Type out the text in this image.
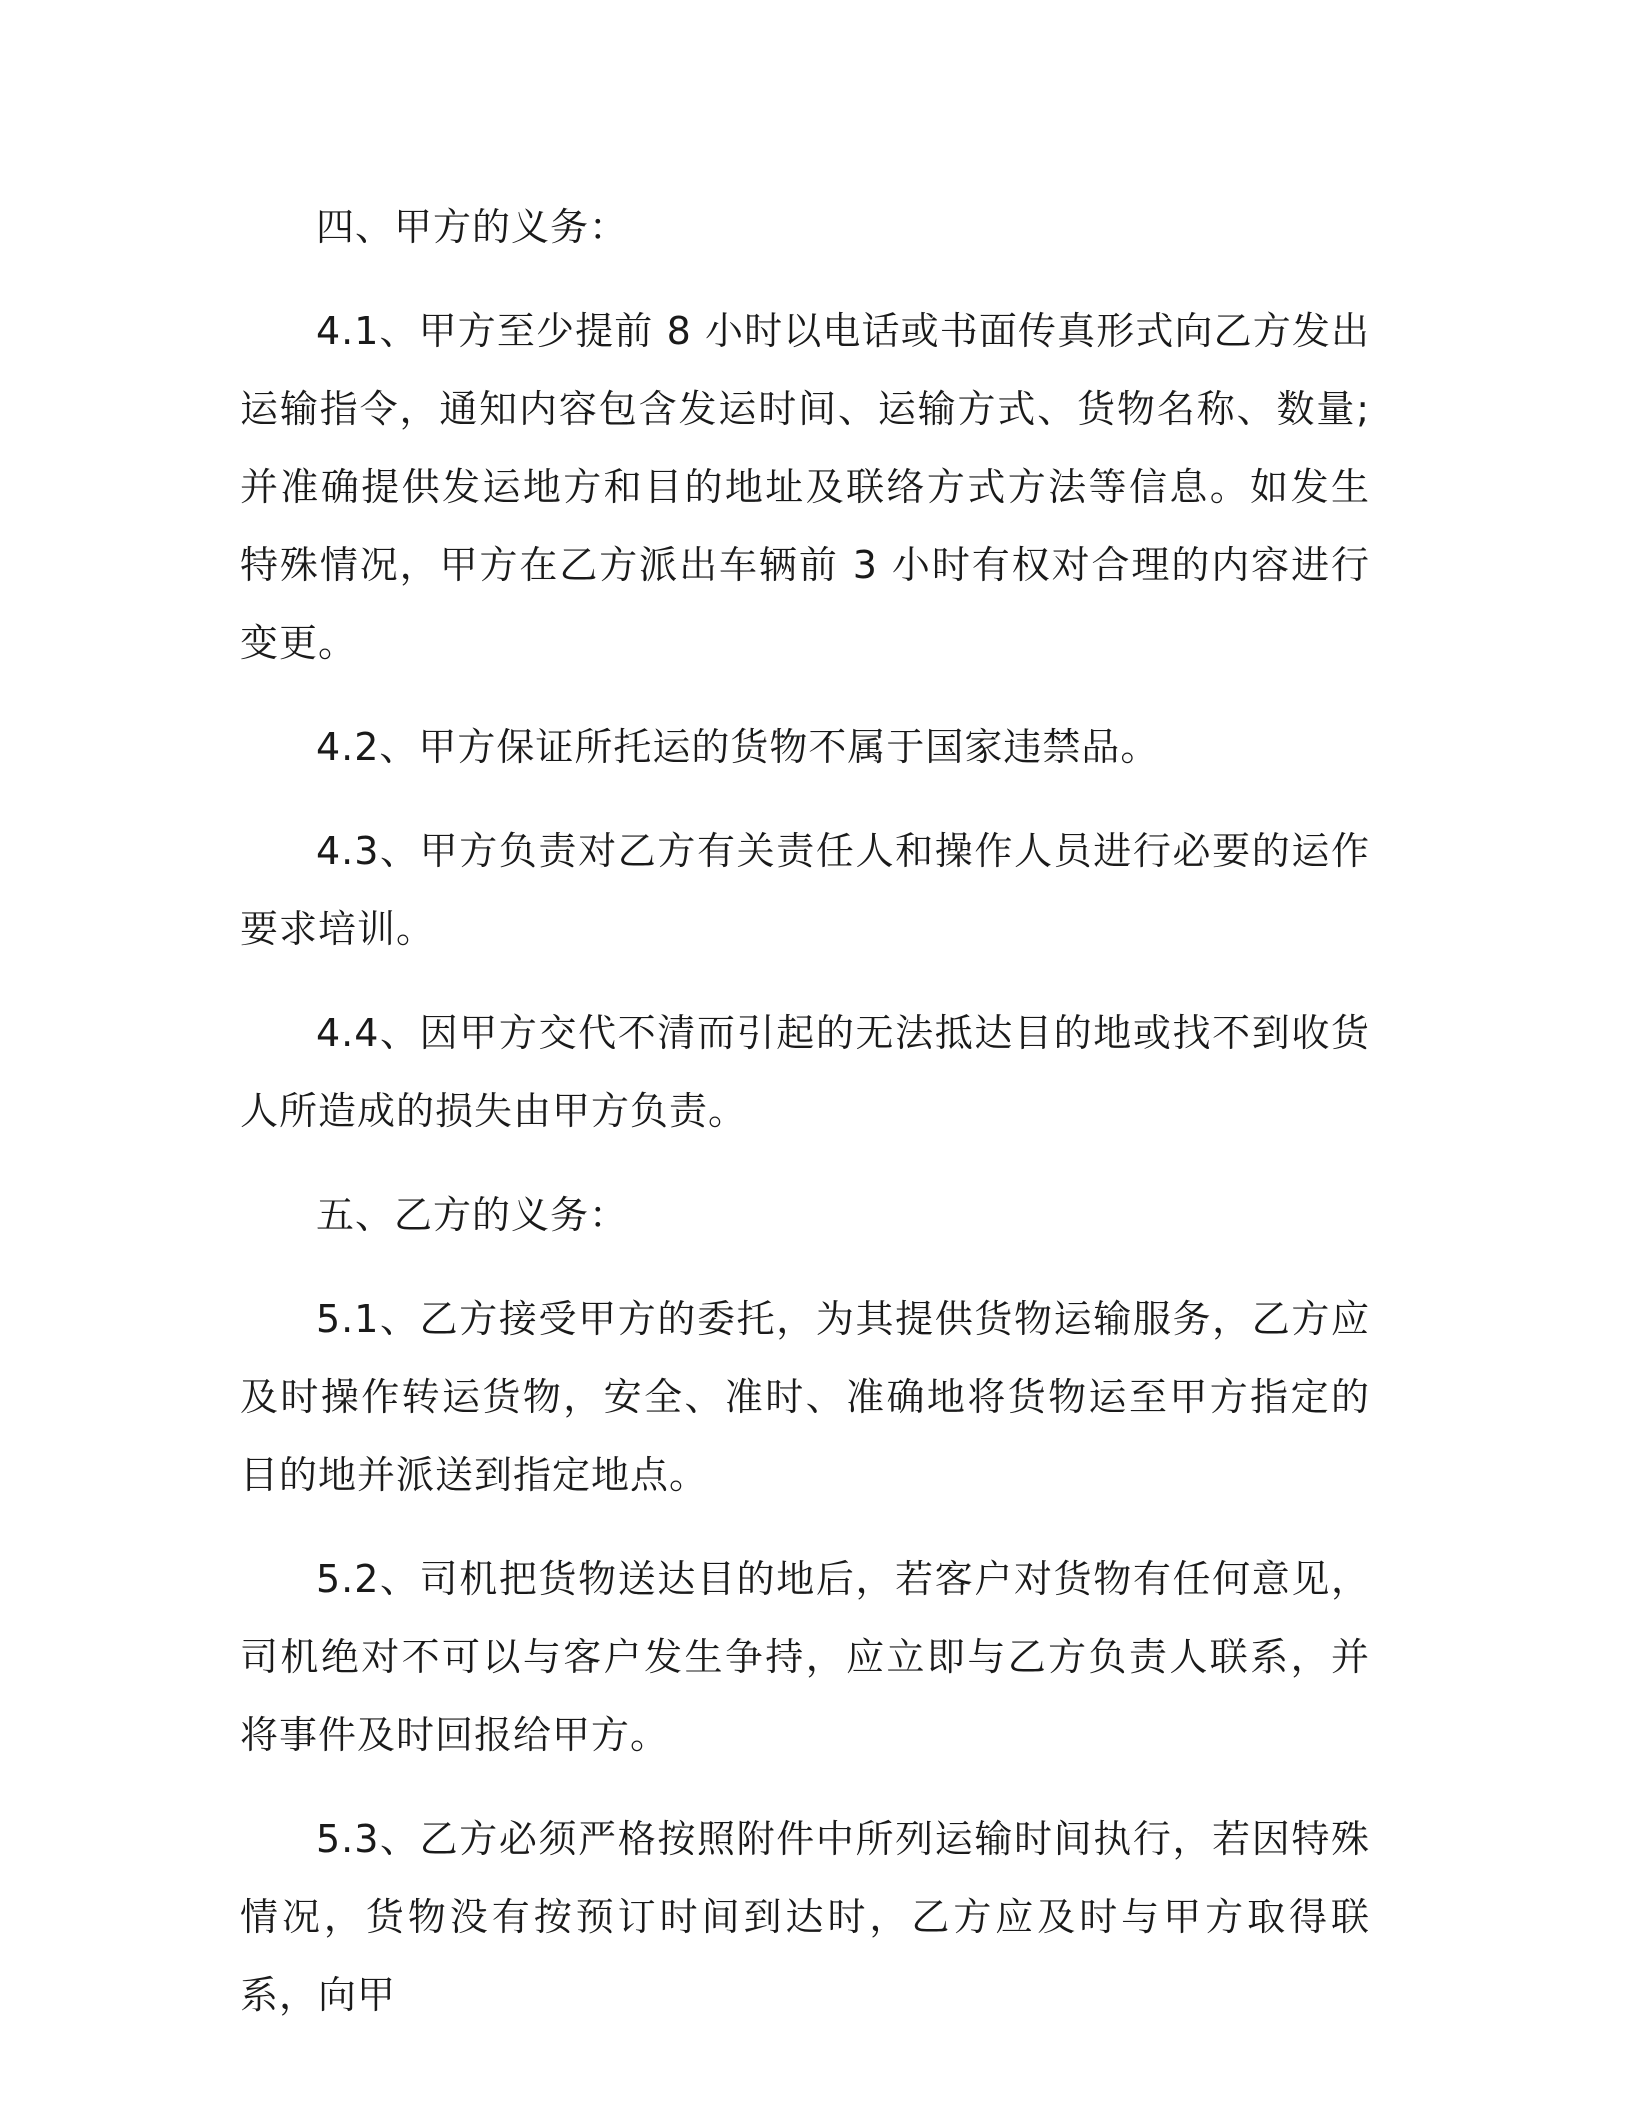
四、甲方的义务：

4.1、甲方至少提前 8 小时以电话或书面传真形式向乙方发出运输指令，通知内容包含发运时间、运输方式、货物名称、数量;并准确提供发运地方和目的地址及联络方式方法等信息。如发生特殊情况，甲方在乙方派出车辆前 3 小时有权对合理的内容进行变更。

4.2、甲方保证所托运的货物不属于国家违禁品。

4.3、甲方负责对乙方有关责任人和操作人员进行必要的运作要求培训。

4.4、因甲方交代不清而引起的无法抵达目的地或找不到收货人所造成的损失由甲方负责。

五、乙方的义务：

5.1、乙方接受甲方的委托，为其提供货物运输服务，乙方应及时操作转运货物，安全、准时、准确地将货物运至甲方指定的目的地并派送到指定地点。

5.2、司机把货物送达目的地后，若客户对货物有任何意见，司机绝对不可以与客户发生争持，应立即与乙方负责人联系，并将事件及时回报给甲方。

5.3、乙方必须严格按照附件中所列运输时间执行，若因特殊情况，货物没有按预订时间到达时，乙方应及时与甲方取得联系，向甲
